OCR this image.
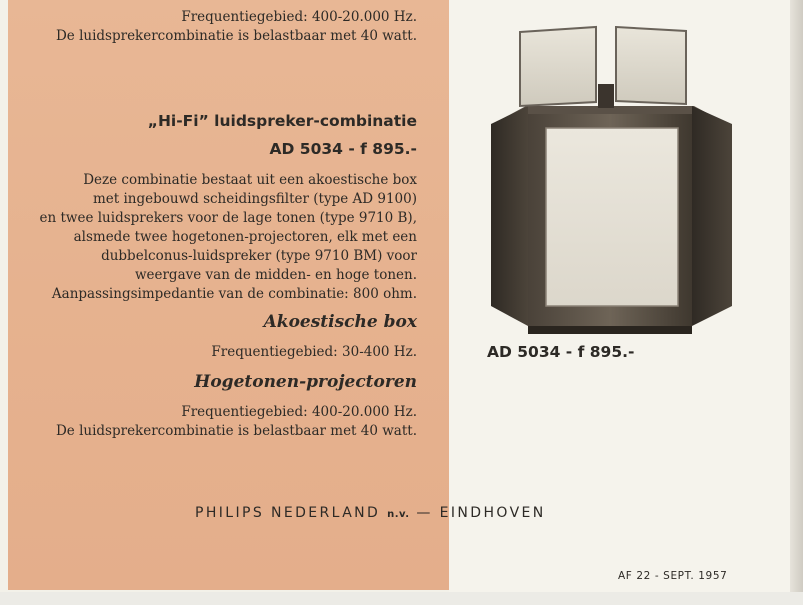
Frequentiegebied: 400-20.000 Hz.
De luidsprekercombinatie is belastbaar met 40 watt.
„Hi-Fi” luidspreker-combinatie
AD 5034 - f 895.-
Deze combinatie bestaat uit een akoestische box
met ingebouwd scheidingsfilter (type AD 9100)
en twee luidsprekers voor de lage tonen (type 9710 B),
alsmede twee hogetonen-projectoren, elk met een
dubbelconus-luidspreker (type 9710 BM) voor
weergave van de midden- en hoge tonen.
Aanpassingsimpedantie van de combinatie: 800 ohm.
Akoestische box
Frequentiegebied: 30-400 Hz.
Hogetonen-projectoren
Frequentiegebied: 400-20.000 Hz.
De luidsprekercombinatie is belastbaar met 40 watt.
AD 5034 - f 895.-
PHILIPS NEDERLAND n.v. — EINDHOVEN
AF 22 - SEPT. 1957
